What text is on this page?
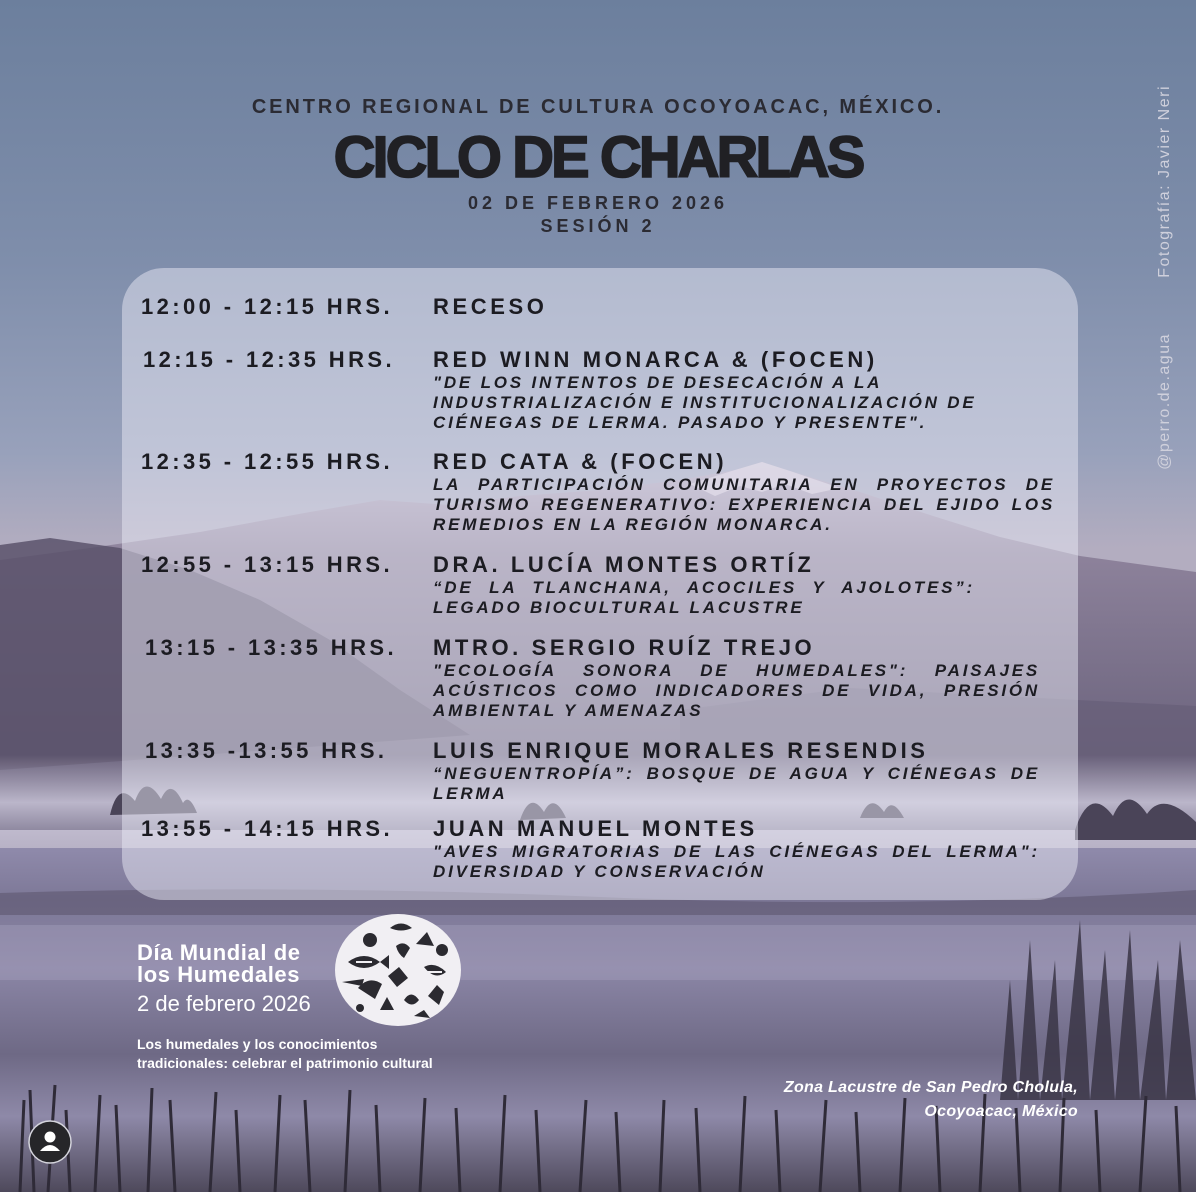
CENTRO REGIONAL DE CULTURA OCOYOACAC, MÉXICO.
CICLO DE CHARLAS
02 DE FEBRERO 2026
SESIÓN 2	Fotografía: Javier Neri
@perro.de.agua
12:00 - 12:15 HRS. RECESO
12:15 - 12:35 HRS. RED WINN MONARCA & (FOCEN)
"DE LOS INTENTOS DE DESECACIÓN A LA
INDUSTRIALIZACIÓN E INSTITUCIONALIZACIÓN DE
CIÉNEGAS DE LERMA. PASADO Y PRESENTE".
12:35 - 12:55 HRS. RED CATA & (FOCEN)
LA PARTICIPACIÓN COMUNITARIA EN PROYECTOS DE
TURISMO REGENERATIVO: EXPERIENCIA DEL EJIDO LOS
REMEDIOS EN LA REGIÓN MONARCA.
12:55 - 13:15 HRS. DRA. LUCÍA MONTES ORTÍZ
“DE LA TLANCHANA, ACOCILES Y AJOLOTES”:
LEGADO BIOCULTURAL LACUSTRE
13:15 - 13:35 HRS. MTRO. SERGIO RUÍZ TREJO
"ECOLOGÍA SONORA DE HUMEDALES": PAISAJES
ACÚSTICOS COMO INDICADORES DE VIDA, PRESIÓN
AMBIENTAL Y AMENAZAS
13:35 -13:55 HRS. LUIS ENRIQUE MORALES RESENDIS
“NEGUENTROPÍA”: BOSQUE DE AGUA Y CIÉNEGAS DE
LERMA
13:55 - 14:15 HRS. JUAN MANUEL MONTES
"AVES MIGRATORIAS DE LAS CIÉNEGAS DEL LERMA":
DIVERSIDAD Y CONSERVACIÓN
Día Mundial de
los Humedales
2 de febrero 2026
Los humedales y los conocimientos
tradicionales: celebrar el patrimonio cultural
Zona Lacustre de San Pedro Cholula,
Ocoyoacac, México
